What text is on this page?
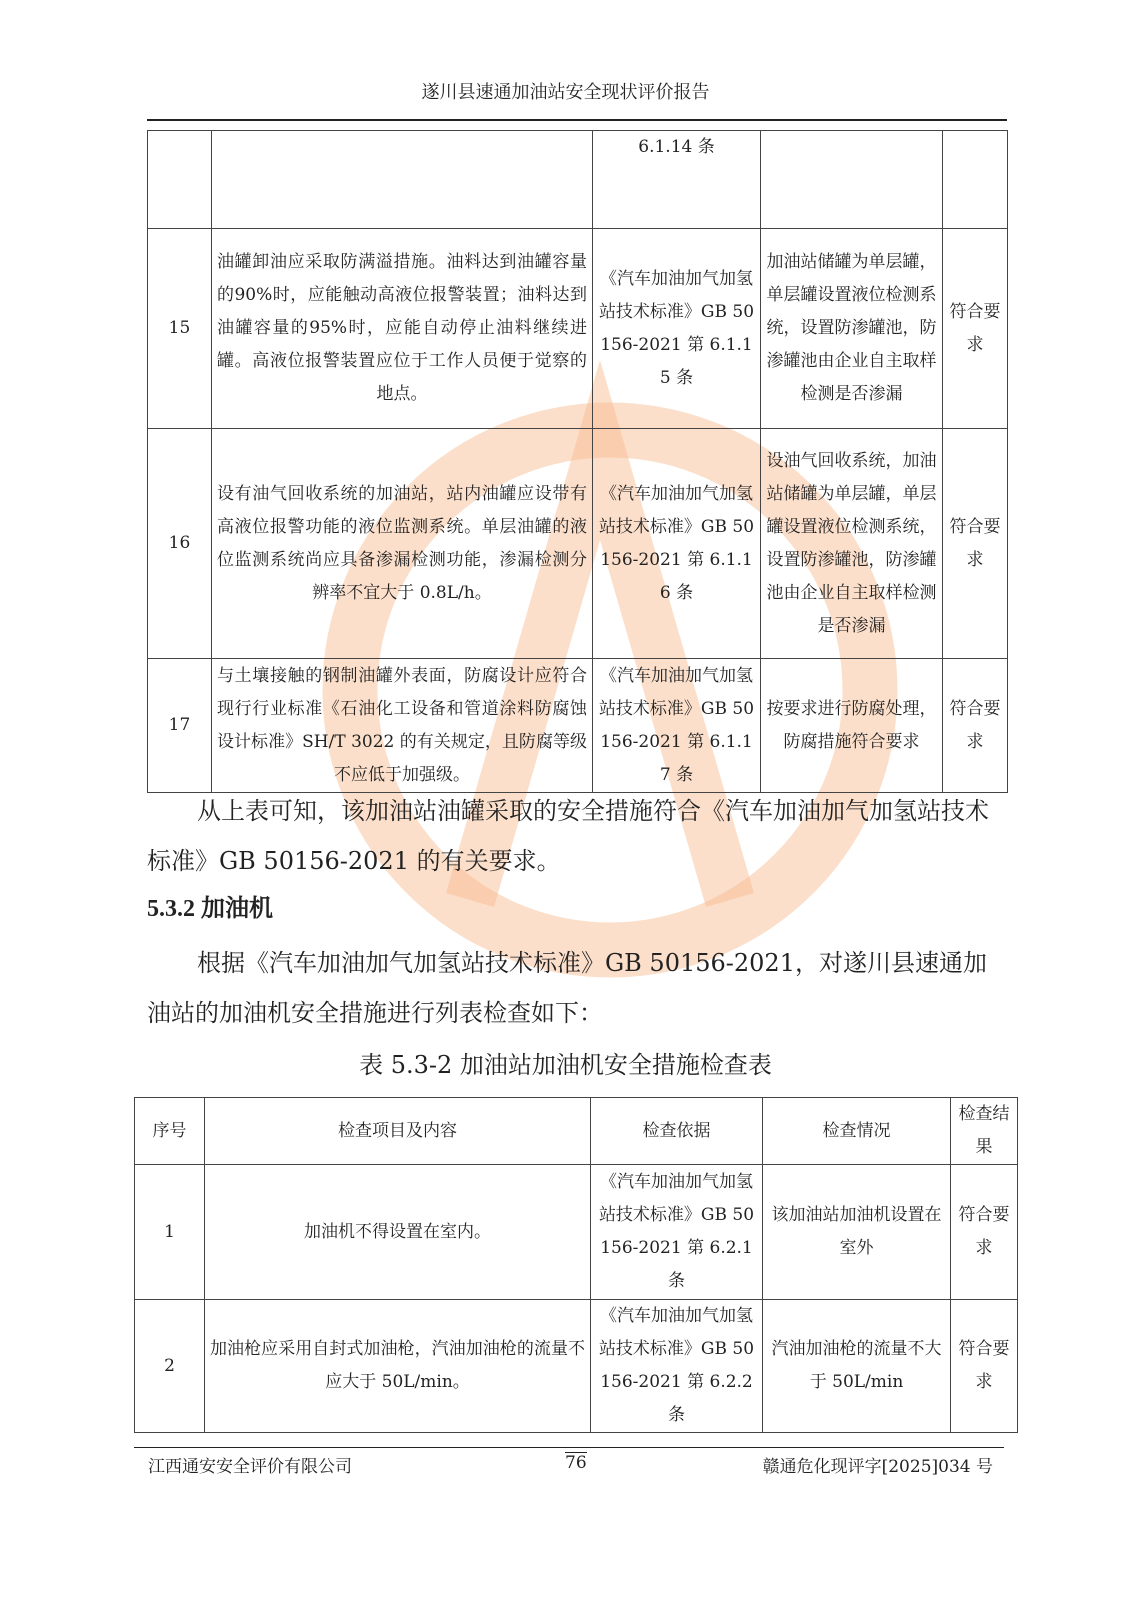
遂川县速通加油站安全现状评价报告
		6.1.14 条		
15	油罐卸油应采取防满溢措施。油料达到油罐容量的90%时，应能触动高液位报警装置；油料达到油罐容量的95%时，应能自动停止油料继续进罐。高液位报警装置应位于工作人员便于觉察的地点。	《汽车加油加气加氢站技术标准》GB 50156-2021 第 6.1.15 条	加油站储罐为单层罐，单层罐设置液位检测系统，设置防渗罐池，防渗罐池由企业自主取样检测是否渗漏	符合要求
16	设有油气回收系统的加油站，站内油罐应设带有高液位报警功能的液位监测系统。单层油罐的液位监测系统尚应具备渗漏检测功能，渗漏检测分辨率不宜大于 0.8L/h。	《汽车加油加气加氢站技术标准》GB 50156-2021 第 6.1.16 条	设油气回收系统，加油站储罐为单层罐，单层罐设置液位检测系统，设置防渗罐池，防渗罐池由企业自主取样检测是否渗漏	符合要求
17	与土壤接触的钢制油罐外表面，防腐设计应符合现行行业标准《石油化工设备和管道涂料防腐蚀设计标准》SH/T 3022 的有关规定，且防腐等级不应低于加强级。	《汽车加油加气加氢站技术标准》GB 50156-2021 第 6.1.17 条	按要求进行防腐处理，防腐措施符合要求	符合要求
从上表可知，该加油站油罐采取的安全措施符合《汽车加油加气加氢站技术标准》GB 50156-2021 的有关要求。
5.3.2 加油机
根据《汽车加油加气加氢站技术标准》GB 50156-2021，对遂川县速通加油站的加油机安全措施进行列表检查如下：
表 5.3-2 加油站加油机安全措施检查表
序号	检查项目及内容	检查依据	检查情况	检查结果
1	加油机不得设置在室内。	《汽车加油加气加氢站技术标准》GB 50156-2021 第 6.2.1 条	该加油站加油机设置在室外	符合要求
2	加油枪应采用自封式加油枪，汽油加油枪的流量不应大于 50L/min。	《汽车加油加气加氢站技术标准》GB 50156-2021 第 6.2.2 条	汽油加油枪的流量不大于 50L/min	符合要求
江西通安安全评价有限公司	76	赣通危化现评字[2025]034 号
